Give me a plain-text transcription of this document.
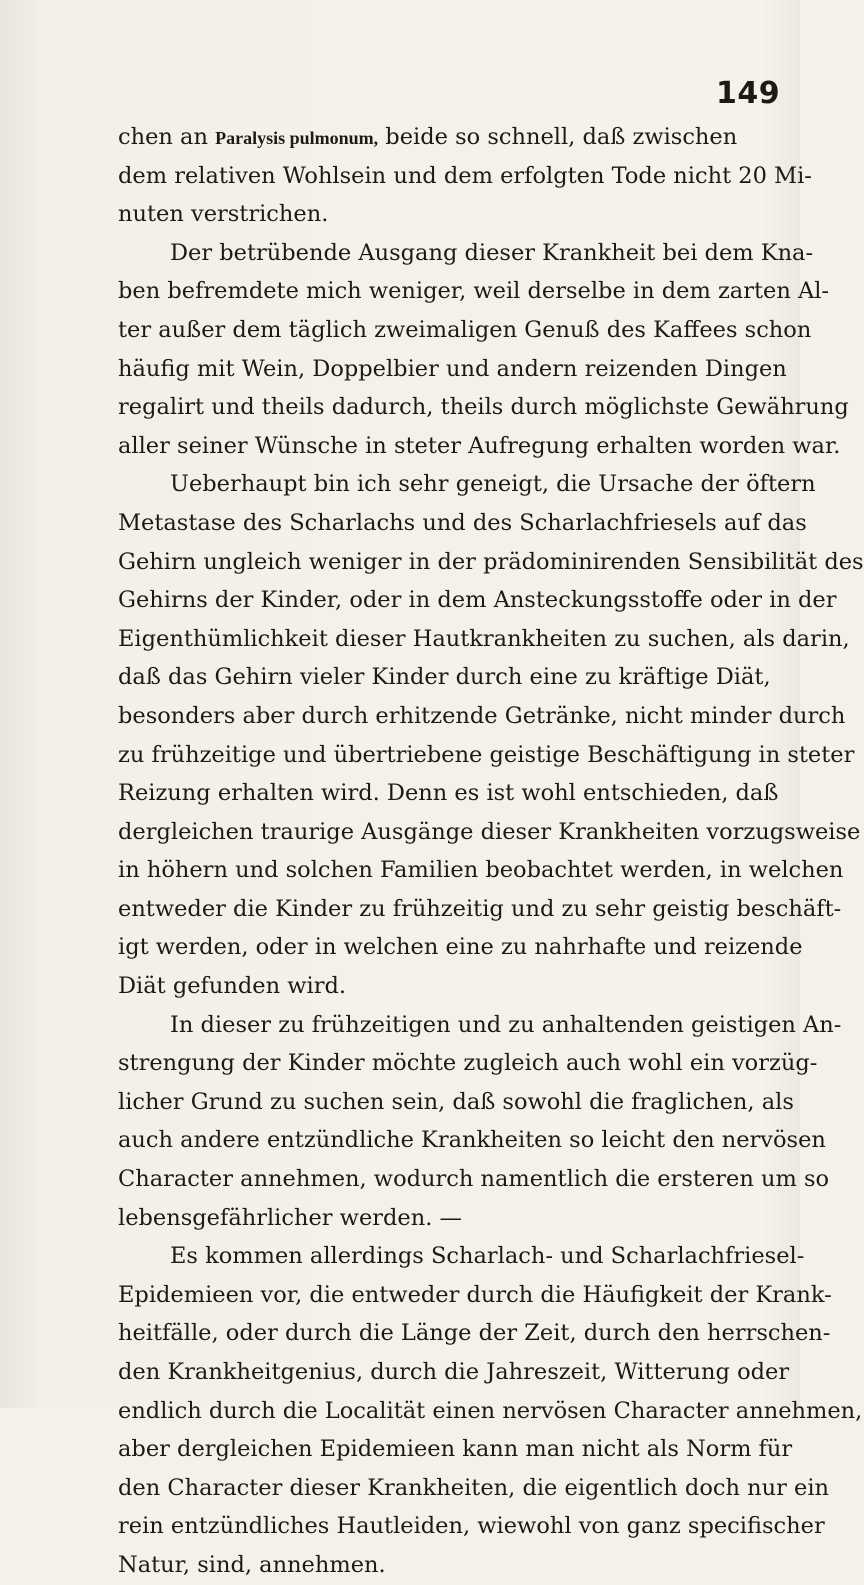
149
chen an Paralysis pulmonum, beide so schnell, daß zwischen
dem relativen Wohlsein und dem erfolgten Tode nicht 20 Mi-
nuten verstrichen.
Der betrübende Ausgang dieser Krankheit bei dem Kna-
ben befremdete mich weniger, weil derselbe in dem zarten Al-
ter außer dem täglich zweimaligen Genuß des Kaffees schon
häufig mit Wein, Doppelbier und andern reizenden Dingen
regalirt und theils dadurch, theils durch möglichste Gewährung
aller seiner Wünsche in steter Aufregung erhalten worden war.
Ueberhaupt bin ich sehr geneigt, die Ursache der öftern
Metastase des Scharlachs und des Scharlachfriesels auf das
Gehirn ungleich weniger in der prädominirenden Sensibilität des
Gehirns der Kinder, oder in dem Ansteckungsstoffe oder in der
Eigenthümlichkeit dieser Hautkrankheiten zu suchen, als darin,
daß das Gehirn vieler Kinder durch eine zu kräftige Diät,
besonders aber durch erhitzende Getränke, nicht minder durch
zu frühzeitige und übertriebene geistige Beschäftigung in steter
Reizung erhalten wird. Denn es ist wohl entschieden, daß
dergleichen traurige Ausgänge dieser Krankheiten vorzugsweise
in höhern und solchen Familien beobachtet werden, in welchen
entweder die Kinder zu frühzeitig und zu sehr geistig beschäft-
igt werden, oder in welchen eine zu nahrhafte und reizende
Diät gefunden wird.
In dieser zu frühzeitigen und zu anhaltenden geistigen An-
strengung der Kinder möchte zugleich auch wohl ein vorzüg-
licher Grund zu suchen sein, daß sowohl die fraglichen, als
auch andere entzündliche Krankheiten so leicht den nervösen
Character annehmen, wodurch namentlich die ersteren um so
lebensgefährlicher werden. —
Es kommen allerdings Scharlach- und Scharlachfriesel-
Epidemieen vor, die entweder durch die Häufigkeit der Krank-
heitfälle, oder durch die Länge der Zeit, durch den herrschen-
den Krankheitgenius, durch die Jahreszeit, Witterung oder
endlich durch die Localität einen nervösen Character annehmen,
aber dergleichen Epidemieen kann man nicht als Norm für
den Character dieser Krankheiten, die eigentlich doch nur ein
rein entzündliches Hautleiden, wiewohl von ganz specifischer
Natur, sind, annehmen.
